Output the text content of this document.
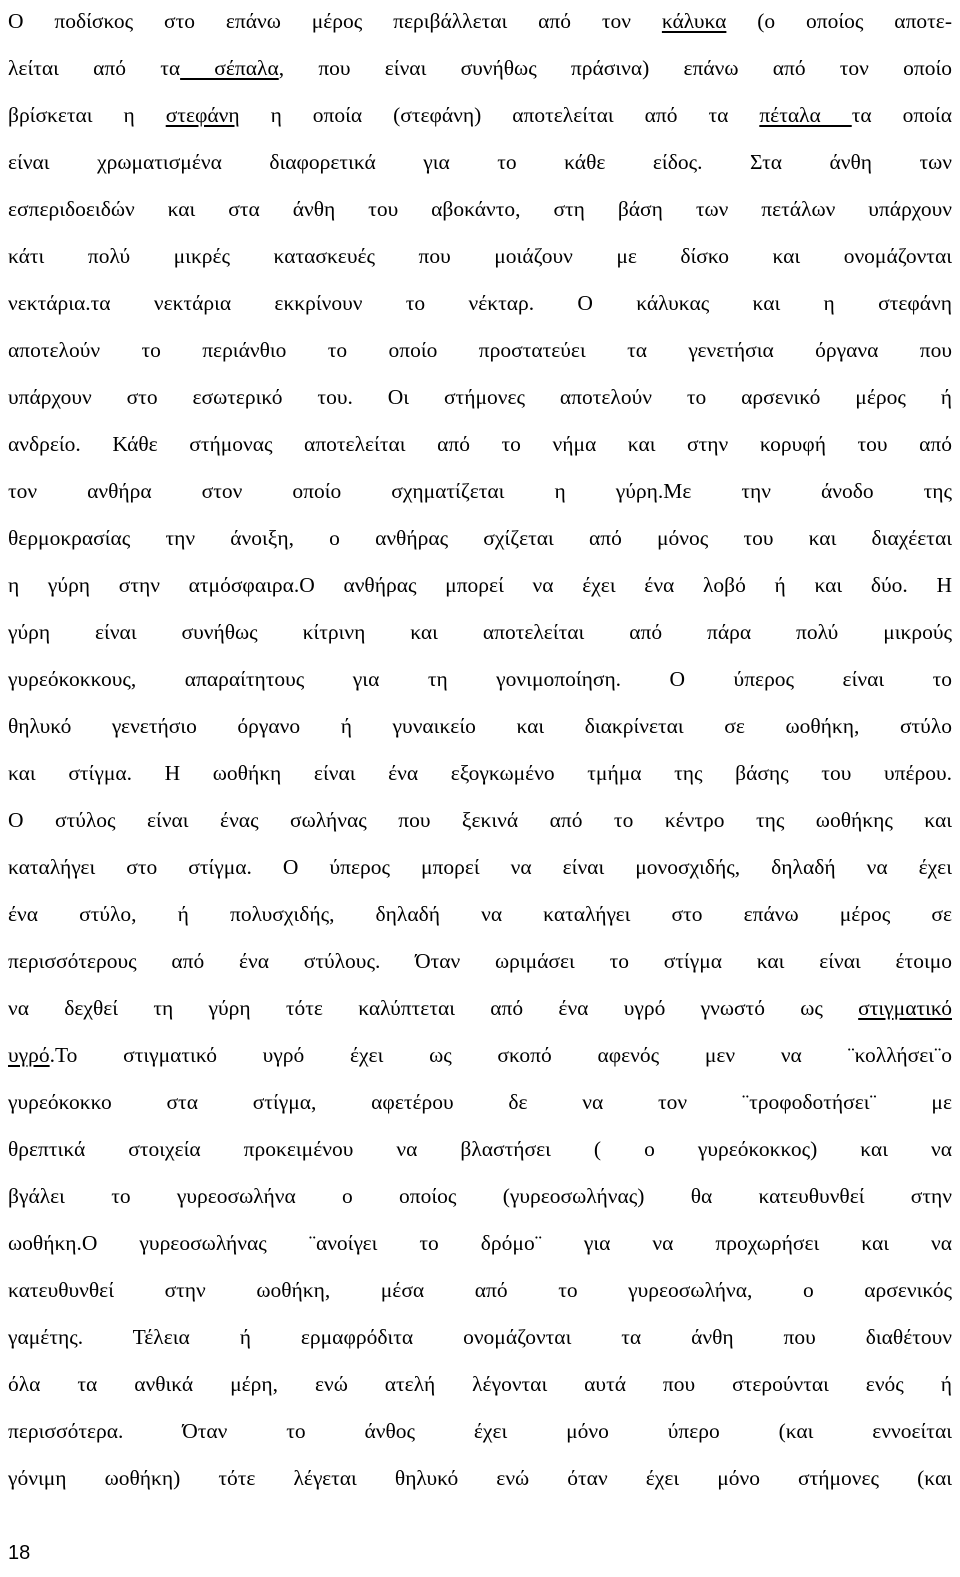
Ο ποδίσκος στο επάνω μέρος περιβάλλεται από τον κάλυκα (ο οποίος αποτε-
λείται από τα σέπαλα, που είναι συνήθως πράσινα) επάνω από τον οποίο
βρίσκεται η στεφάνη η οποία (στεφάνη) αποτελείται από τα πέταλα τα οποία
είναι χρωματισμένα διαφορετικά για το κάθε είδος. Στα άνθη των
εσπεριδοειδών και στα άνθη του αβοκάντο, στη βάση των πετάλων υπάρχουν
κάτι πολύ μικρές κατασκευές που μοιάζουν με δίσκο και ονομάζονται
νεκτάρια.τα νεκτάρια εκκρίνουν το νέκταρ. Ο κάλυκας και η στεφάνη
αποτελούν το περιάνθιο το οποίο προστατεύει τα γενετήσια όργανα που
υπάρχουν στο εσωτερικό του. Οι στήμονες αποτελούν το αρσενικό μέρος ή
ανδρείο. Κάθε στήμονας αποτελείται από το νήμα και στην κορυφή του από
τον ανθήρα στον οποίο σχηματίζεται η γύρη.Με την άνοδο της
θερμοκρασίας την άνοιξη, ο ανθήρας σχίζεται από μόνος του και διαχέεται
η γύρη στην ατμόσφαιρα.Ο ανθήρας μπορεί να έχει ένα λοβό ή και δύο. Η
γύρη είναι συνήθως κίτρινη και αποτελείται από πάρα πολύ μικρούς
γυρεόκοκκους, απαραίτητους για τη γονιμοποίηση. Ο ύπερος είναι το
θηλυκό γενετήσιο όργανο ή γυναικείο και διακρίνεται σε ωοθήκη, στύλο
και στίγμα. Η ωοθήκη είναι ένα εξογκωμένο τμήμα της βάσης του υπέρου.
Ο στύλος είναι ένας σωλήνας που ξεκινά από το κέντρο της ωοθήκης και
καταλήγει στο στίγμα. Ο ύπερος μπορεί να είναι μονοσχιδής, δηλαδή να έχει
ένα στύλο, ή πολυσχιδής, δηλαδή να καταλήγει στο επάνω μέρος σε
περισσότερους από ένα στύλους. Όταν ωριμάσει το στίγμα και είναι έτοιμο
να δεχθεί τη γύρη τότε καλύπτεται από ένα υγρό γνωστό ως στιγματικό
υγρό.Το στιγματικό υγρό έχει ως σκοπό αφενός μεν να ¨κολλήσει¨ο
γυρεόκοκκο στα στίγμα, αφετέρου δε να τον ¨τροφοδοτήσει¨ με
θρεπτικά στοιχεία προκειμένου να βλαστήσει ( ο γυρεόκοκκος) και να
βγάλει το γυρεοσωλήνα ο οποίος (γυρεοσωλήνας) θα κατευθυνθεί στην
ωοθήκη.Ο γυρεοσωλήνας ¨ανοίγει το δρόμο¨ για να προχωρήσει και να
κατευθυνθεί στην ωοθήκη, μέσα από το γυρεοσωλήνα, ο αρσενικός
γαμέτης. Τέλεια ή ερμαφρόδιτα ονομάζονται τα άνθη που διαθέτουν
όλα τα ανθικά μέρη, ενώ ατελή λέγονται αυτά που στερούνται ενός ή
περισσότερα. Όταν το άνθος έχει μόνο ύπερο (και εννοείται
γόνιμη ωοθήκη) τότε λέγεται θηλυκό ενώ όταν έχει μόνο στήμονες (και
18
